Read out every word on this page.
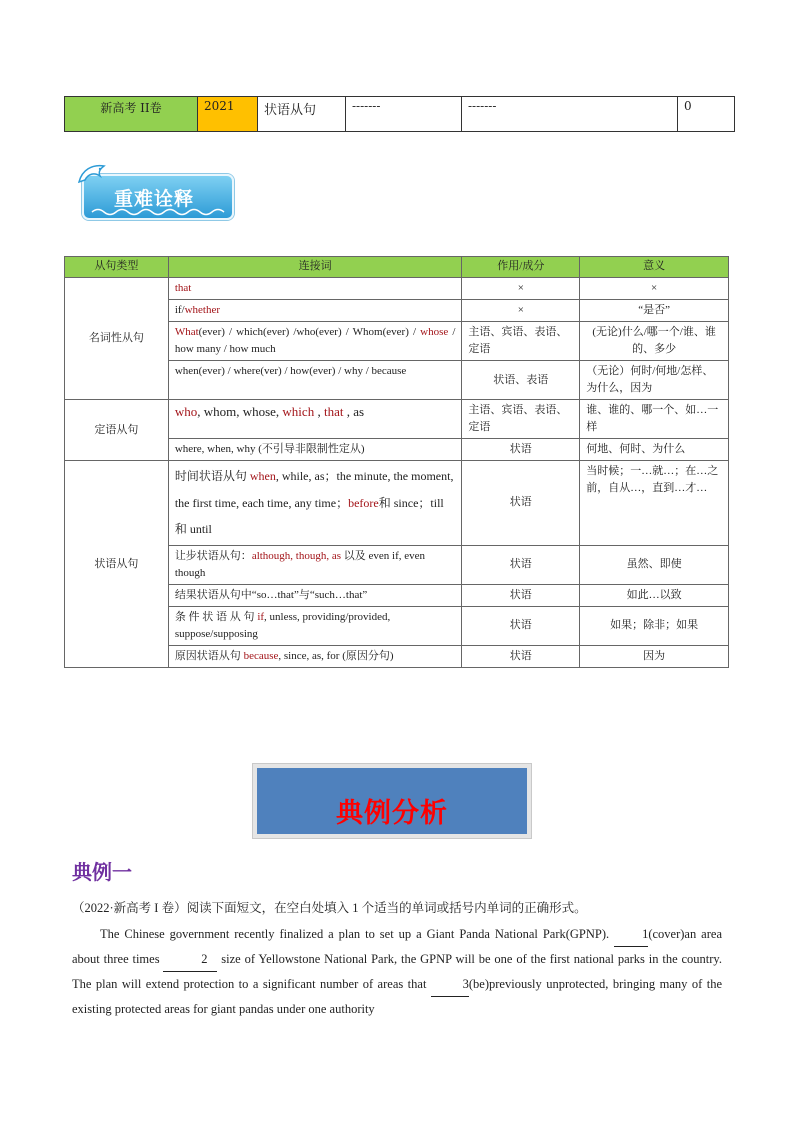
新高考 II卷	2021	状语从句	-------	-------	0
重难诠释
从句类型	连接词	作用/成分	意义
名词性从句	that	×	×
	if/whether	×	“是否”
	What(ever) / which(ever) /who(ever) / Whom(ever) / whose / how many / how much	主语、宾语、表语、定语	(无论)什么/哪一个/谁、谁的、多少
	when(ever) / where(ver) / how(ever) / why / because	状语、表语	（无论）何时/何地/怎样、为什么，因为
定语从句	who, whom, whose, which , that , as	主语、宾语、表语、定语	谁、谁的、哪一个、如…一样
	where, when, why (不引导非限制性定从)	状语	何地、何时、为什么
状语从句	时间状语从句 when, while, as；the minute, the moment, the first time, each time, any time；before和 since；till 和 until	状语	当时候；一…就…；在…之前，自从…，直到…才…
	让步状语从句：although, though, as 以及 even if, even though	状语	虽然、即使
	结果状语从句中“so…that”与“such…that”	状语	如此…以致
	条 件 状 语 从 句 if, unless, providing/provided, suppose/supposing	状语	如果；除非；如果
	原因状语从句 because, since, as, for (原因分句)	状语	因为
典例分析
典例一
（2022·新高考 I 卷）阅读下面短文，在空白处填入 1 个适当的单词或括号内单词的正确形式。
The Chinese government recently finalized a plan to set up a Giant Panda National Park(GPNP). 1(cover)an area about three times	2 size of Yellowstone National Park, the GPNP will be one of the first national parks in the country. The plan will extend protection to a significant number of areas that	3(be)previously unprotected, bringing many of the existing protected areas for giant pandas under one authority
